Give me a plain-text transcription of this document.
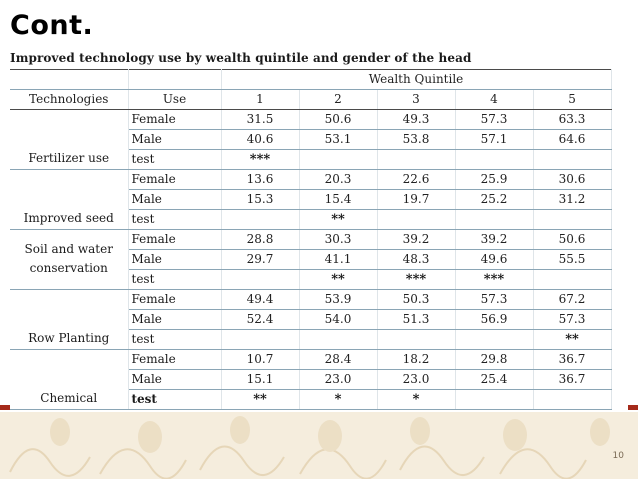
Cont.
Improved technology use by wealth quintile and gender of the head
		Wealth Quintile				
Technologies	Use	1	2	3	4	5
Fertilizer use	Female	31.5	50.6	49.3	57.3	63.3
	Male	40.6	53.1	53.8	57.1	64.6
	test	***				
Improved seed	Female	13.6	20.3	22.6	25.9	30.6
	Male	15.3	15.4	19.7	25.2	31.2
	test		**			
Soil and water
conservation	Female	28.8	30.3	39.2	39.2	50.6
	Male	29.7	41.1	48.3	49.6	55.5
	test		**	***	***	
Row Planting	Female	49.4	53.9	50.3	57.3	67.2
	Male	52.4	54.0	51.3	56.9	57.3
	test					**
Chemical	Female	10.7	28.4	18.2	29.8	36.7
	Male	15.1	23.0	23.0	25.4	36.7
	test	**	*	*		
10
